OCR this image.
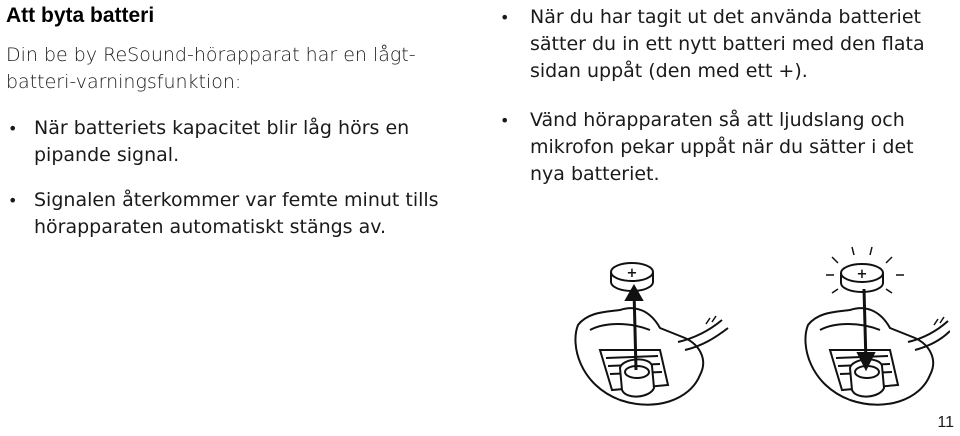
Att byta batteri

Din be by ReSound-hörapparat har en lågt-batteri-varningsfunktion:

• När batteriets kapacitet blir låg hörs en pipande signal.
• Signalen återkommer var femte minut tills hörapparaten automatiskt stängs av.
• När du har tagit ut det använda batteriet sätter du in ett nytt batteri med den flata sidan uppåt (den med ett +).
• Vänd hörapparaten så att ljudslang och mikrofon pekar uppåt när du sätter i det nya batteriet.
+	+
11
